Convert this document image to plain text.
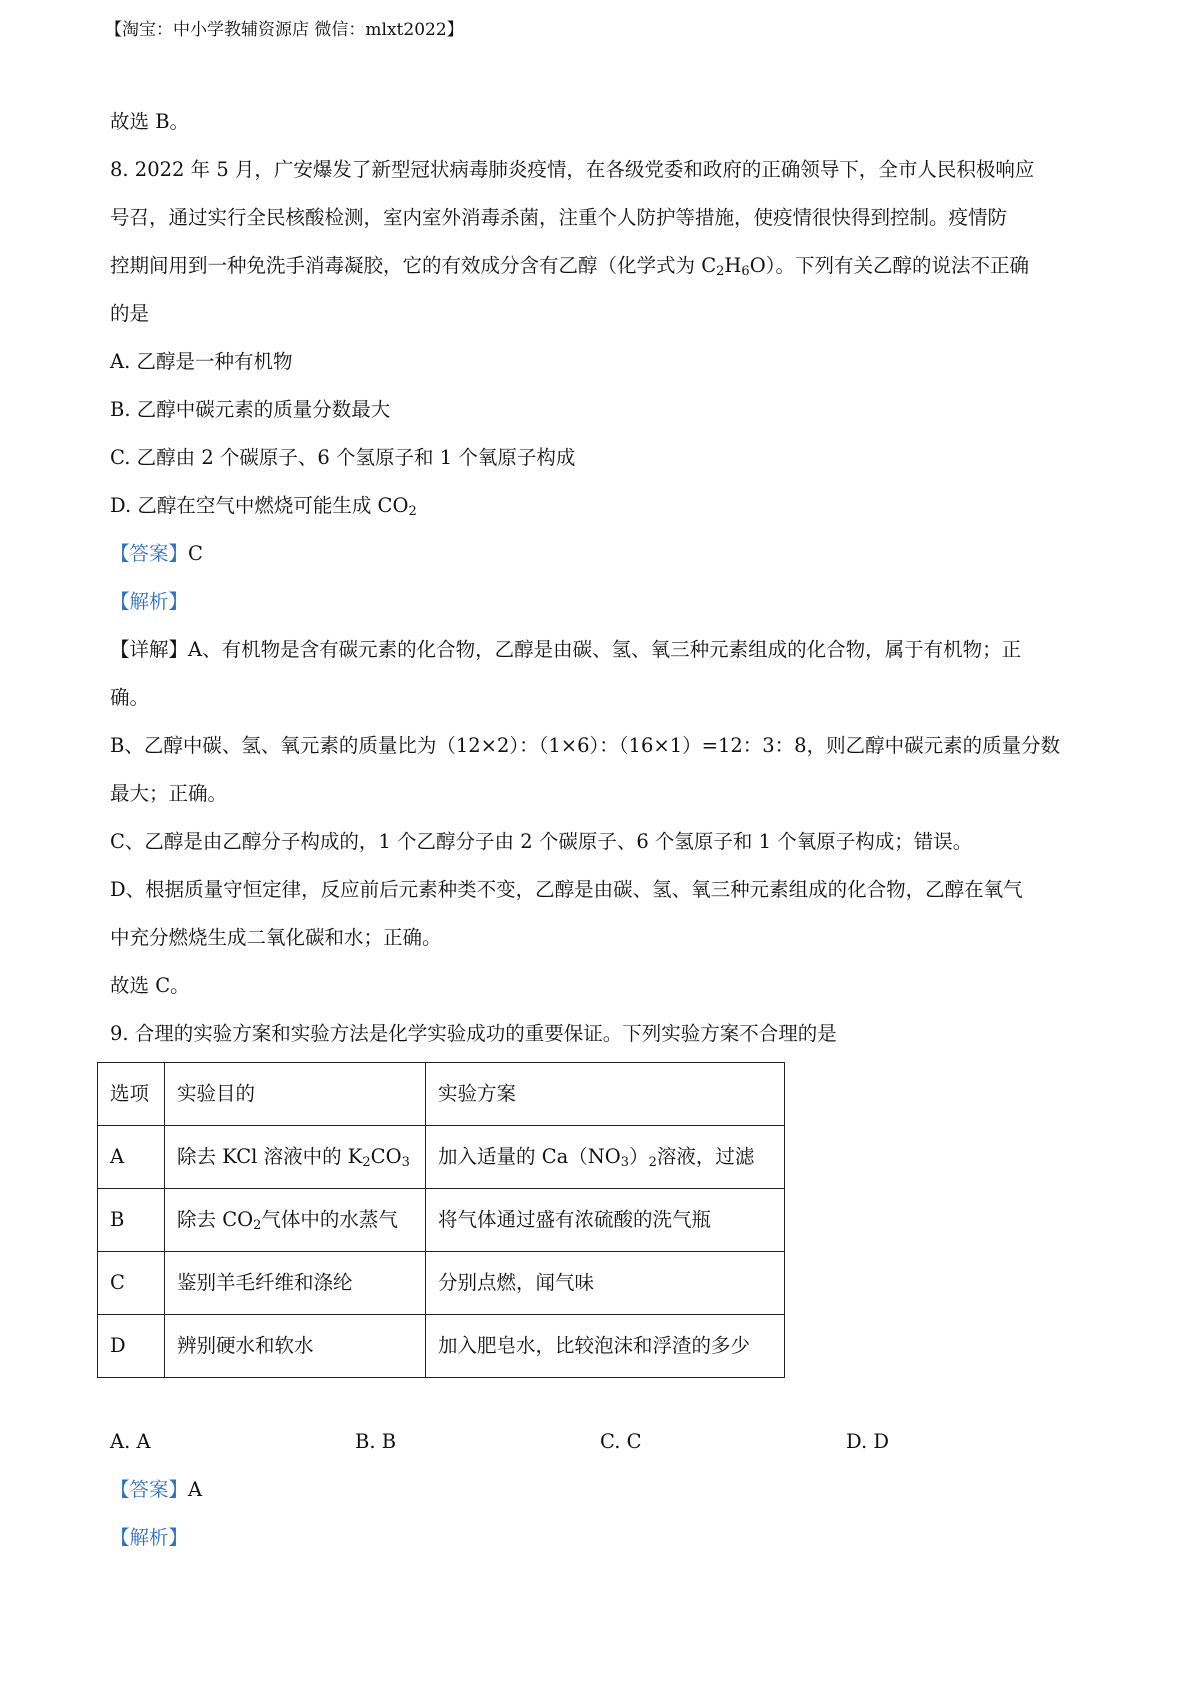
【淘宝：中小学教辅资源店 微信：mlxt2022】

故选 B。

8. 2022 年 5 月，广安爆发了新型冠状病毒肺炎疫情，在各级党委和政府的正确领导下，全市人民积极响应

号召，通过实行全民核酸检测，室内室外消毒杀菌，注重个人防护等措施，使疫情很快得到控制。疫情防

控期间用到一种免洗手消毒凝胶，它的有效成分含有乙醇（化学式为 $C_2H_6O$）。下列有关乙醇的说法不正确

的是

A. 乙醇是一种有机物

B. 乙醇中碳元素的质量分数最大

C. 乙醇由 2 个碳原子、6 个氢原子和 1 个氧原子构成

D. 乙醇在空气中燃烧可能生成 $CO_2$

【答案】C

【解析】

【详解】A、有机物是含有碳元素的化合物，乙醇是由碳、氢、氧三种元素组成的化合物，属于有机物；正

确。

B、乙醇中碳、氢、氧元素的质量比为（12×2）：（1×6）：（16×1）=12：3：8，则乙醇中碳元素的质量分数

最大；正确。

C、乙醇是由乙醇分子构成的，1 个乙醇分子由 2 个碳原子、6 个氢原子和 1 个氧原子构成；错误。

D、根据质量守恒定律，反应前后元素种类不变，乙醇是由碳、氢、氧三种元素组成的化合物，乙醇在氧气

中充分燃烧生成二氧化碳和水；正确。

故选 C。

9. 合理的实验方案和实验方法是化学实验成功的重要保证。下列实验方案不合理的是

选项	实验目的	实验方案
A	除去 KCl 溶液中的 $K_2CO_3$	加入适量的 $Ca(NO_3)_2$溶液，过滤
B	除去 $CO_2$气体中的水蒸气	将气体通过盛有浓硫酸的洗气瓶
C	鉴别羊毛纤维和涤纶	分别点燃，闻气味
D	辨别硬水和软水	加入肥皂水，比较泡沫和浮渣的多少
A. A	B. B	C. C	D. D

【答案】A

【解析】
